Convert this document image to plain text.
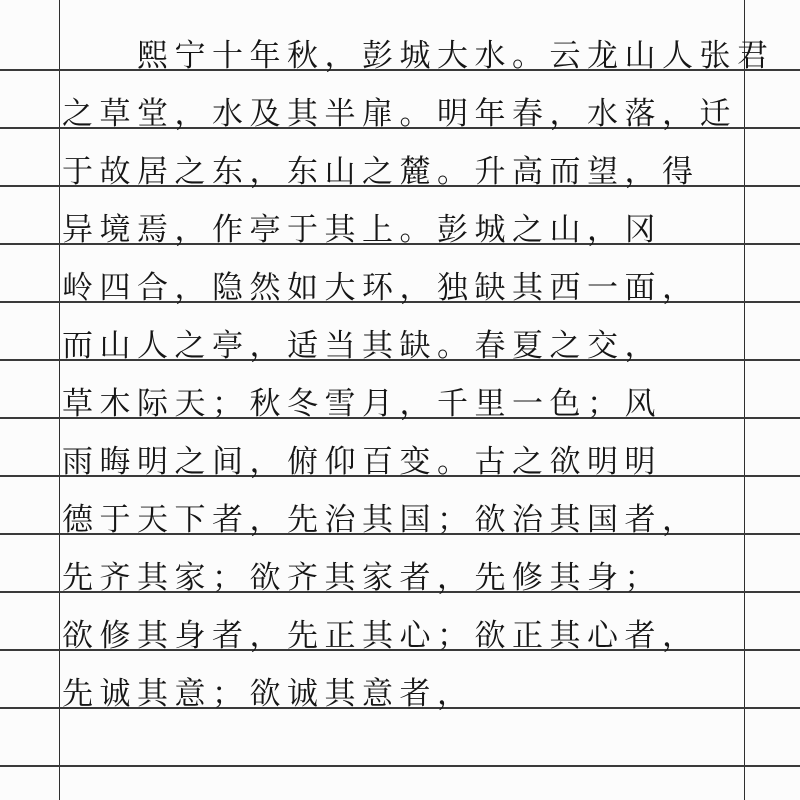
　　熙宁十年秋，彭城大水。云龙山人张君
之草堂，水及其半扉。明年春，水落，迁
于故居之东，东山之麓。升高而望，得
异境焉，作亭于其上。彭城之山，冈
岭四合，隐然如大环，独缺其西一面，
而山人之亭，适当其缺。春夏之交，
草木际天；秋冬雪月，千里一色；风
雨晦明之间，俯仰百变。古之欲明明
德于天下者，先治其国；欲治其国者，
先齐其家；欲齐其家者，先修其身；
欲修其身者，先正其心；欲正其心者，
先诚其意；欲诚其意者，
